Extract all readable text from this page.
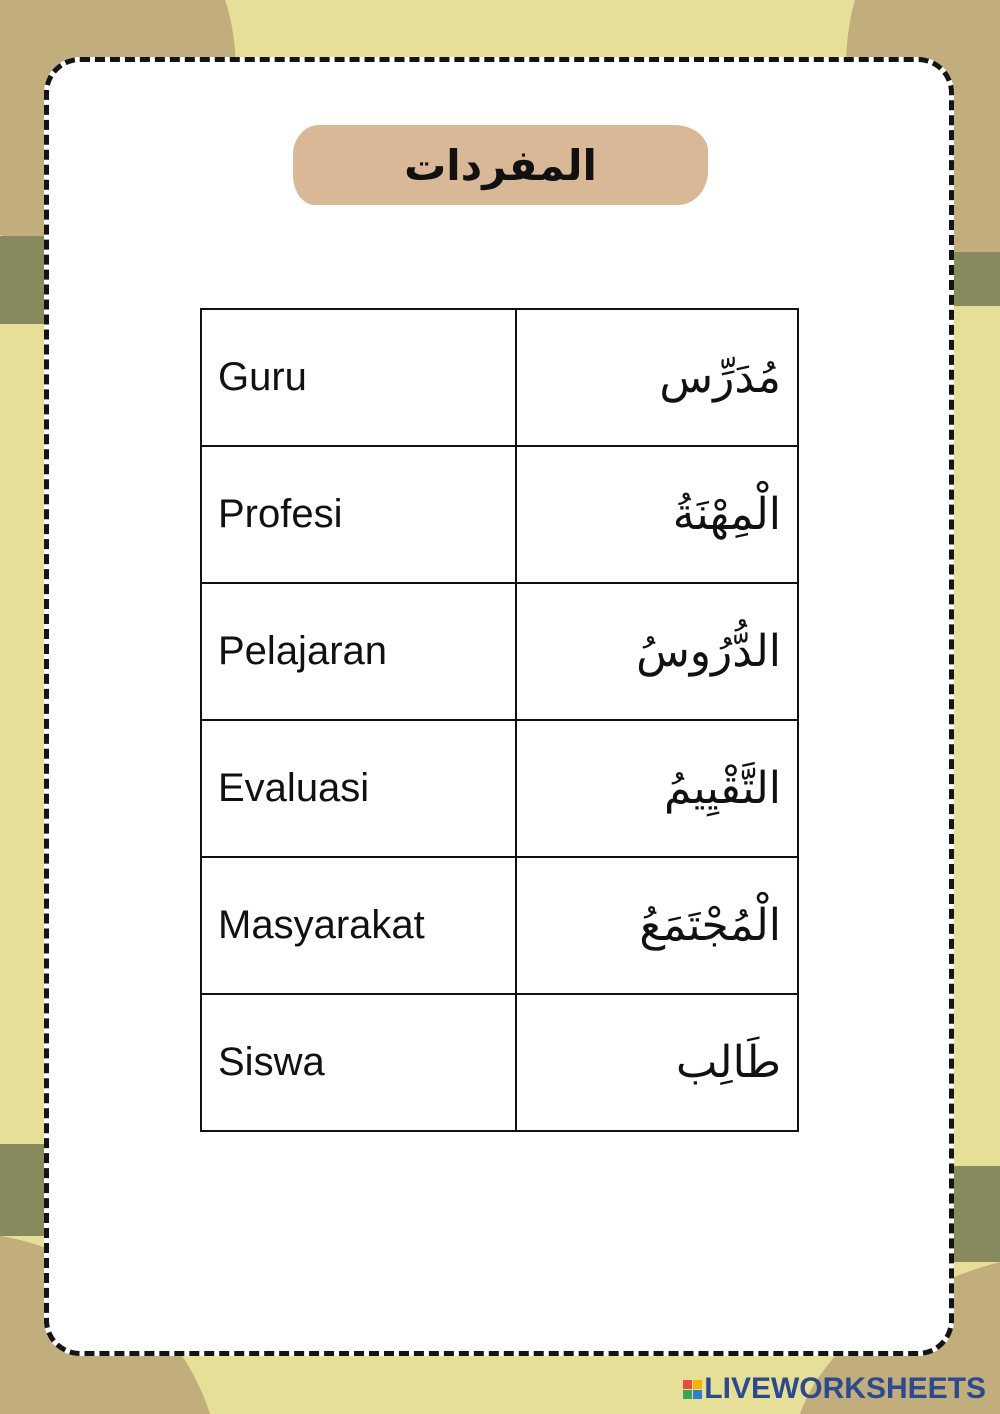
المفردات
Guru	مُدَرِّس
Profesi	الْمِهْنَةُ
Pelajaran	الدُّرُوسُ
Evaluasi	التَّقْيِيمُ
Masyarakat	الْمُجْتَمَعُ
Siswa	طَالِب
LIVEWORKSHEETS
